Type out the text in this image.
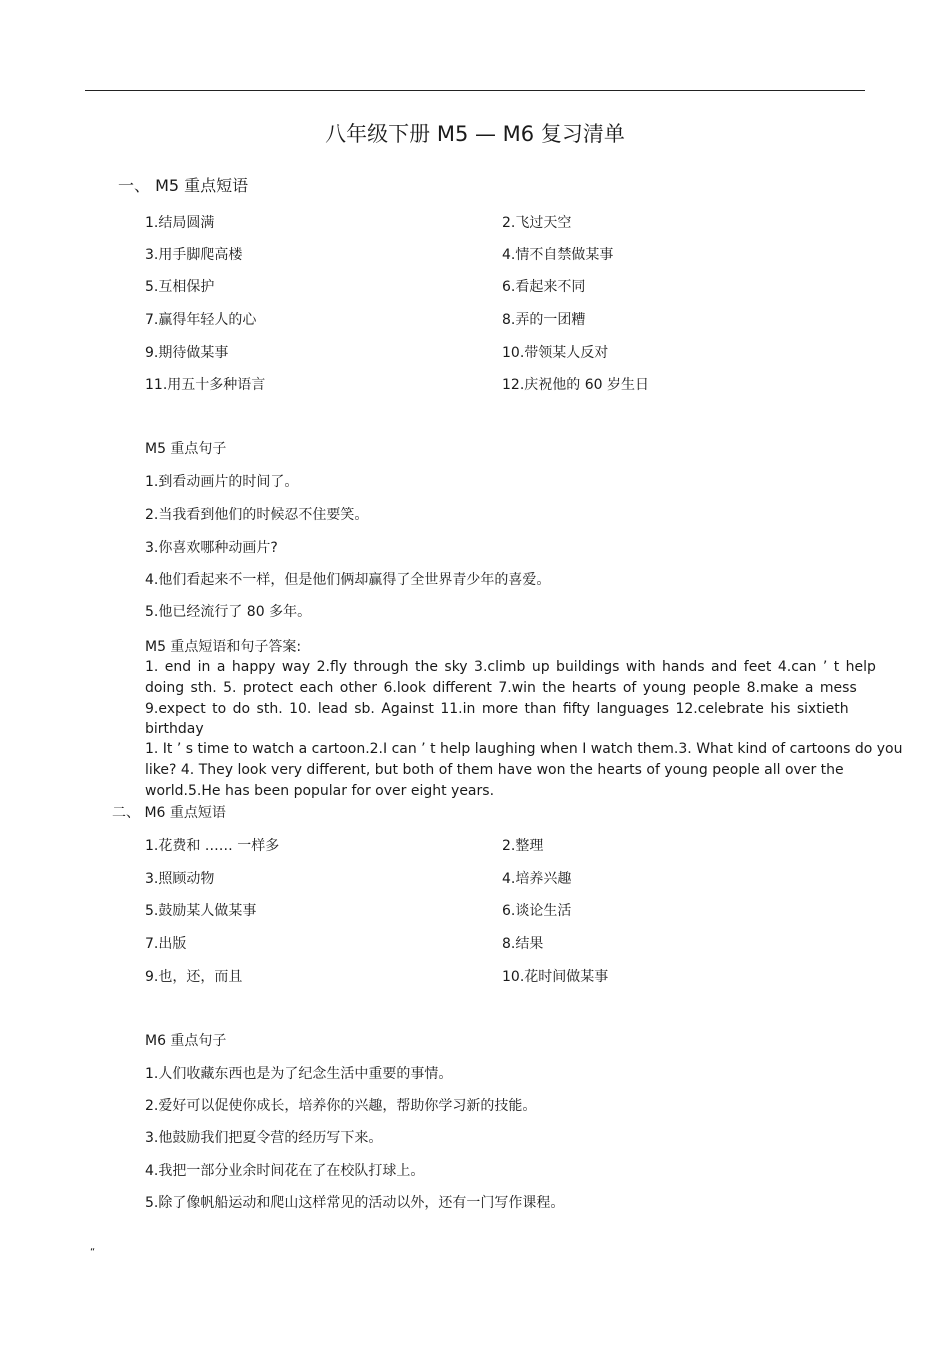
八年级下册 M5 — M6 复习清单
一、 M5 重点短语
1.结局圆满	2.飞过天空
3.用手脚爬高楼	4.情不自禁做某事
5.互相保护	6.看起来不同
7.赢得年轻人的心	8.弄的一团糟
9.期待做某事	10.带领某人反对
11.用五十多种语言	12.庆祝他的 60 岁生日
M5 重点句子
1.到看动画片的时间了。
2.当我看到他们的时候忍不住要笑。
3.你喜欢哪种动画片?
4.他们看起来不一样，但是他们俩却赢得了全世界青少年的喜爱。
5.他已经流行了 80 多年。
M5 重点短语和句子答案:
1. end in a happy way 2.fly through the sky 3.climb up buildings with hands and feet 4.can ’ t help
doing sth. 5. protect each other 6.look different 7.win the hearts of young people 8.make a mess
9.expect to do sth. 10. lead sb. Against 11.in more than fifty languages 12.celebrate his sixtieth
birthday
1. It ’ s time to watch a cartoon.2.I can ’ t help laughing when I watch them.3. What kind of cartoons do you
like? 4. They look very different, but both of them have won the hearts of young people all over the
world.5.He has been popular for over eight years.
二、 M6 重点短语
1.花费和 …… 一样多	2.整理
3.照顾动物	4.培养兴趣
5.鼓励某人做某事	6.谈论生活
7.出版	8.结果
9.也，还，而且	10.花时间做某事
M6 重点句子
1.人们收藏东西也是为了纪念生活中重要的事情。
2.爱好可以促使你成长，培养你的兴趣，帮助你学习新的技能。
3.他鼓励我们把夏令营的经历写下来。
4.我把一部分业余时间花在了在校队打球上。
5.除了像帆船运动和爬山这样常见的活动以外，还有一门写作课程。
“
